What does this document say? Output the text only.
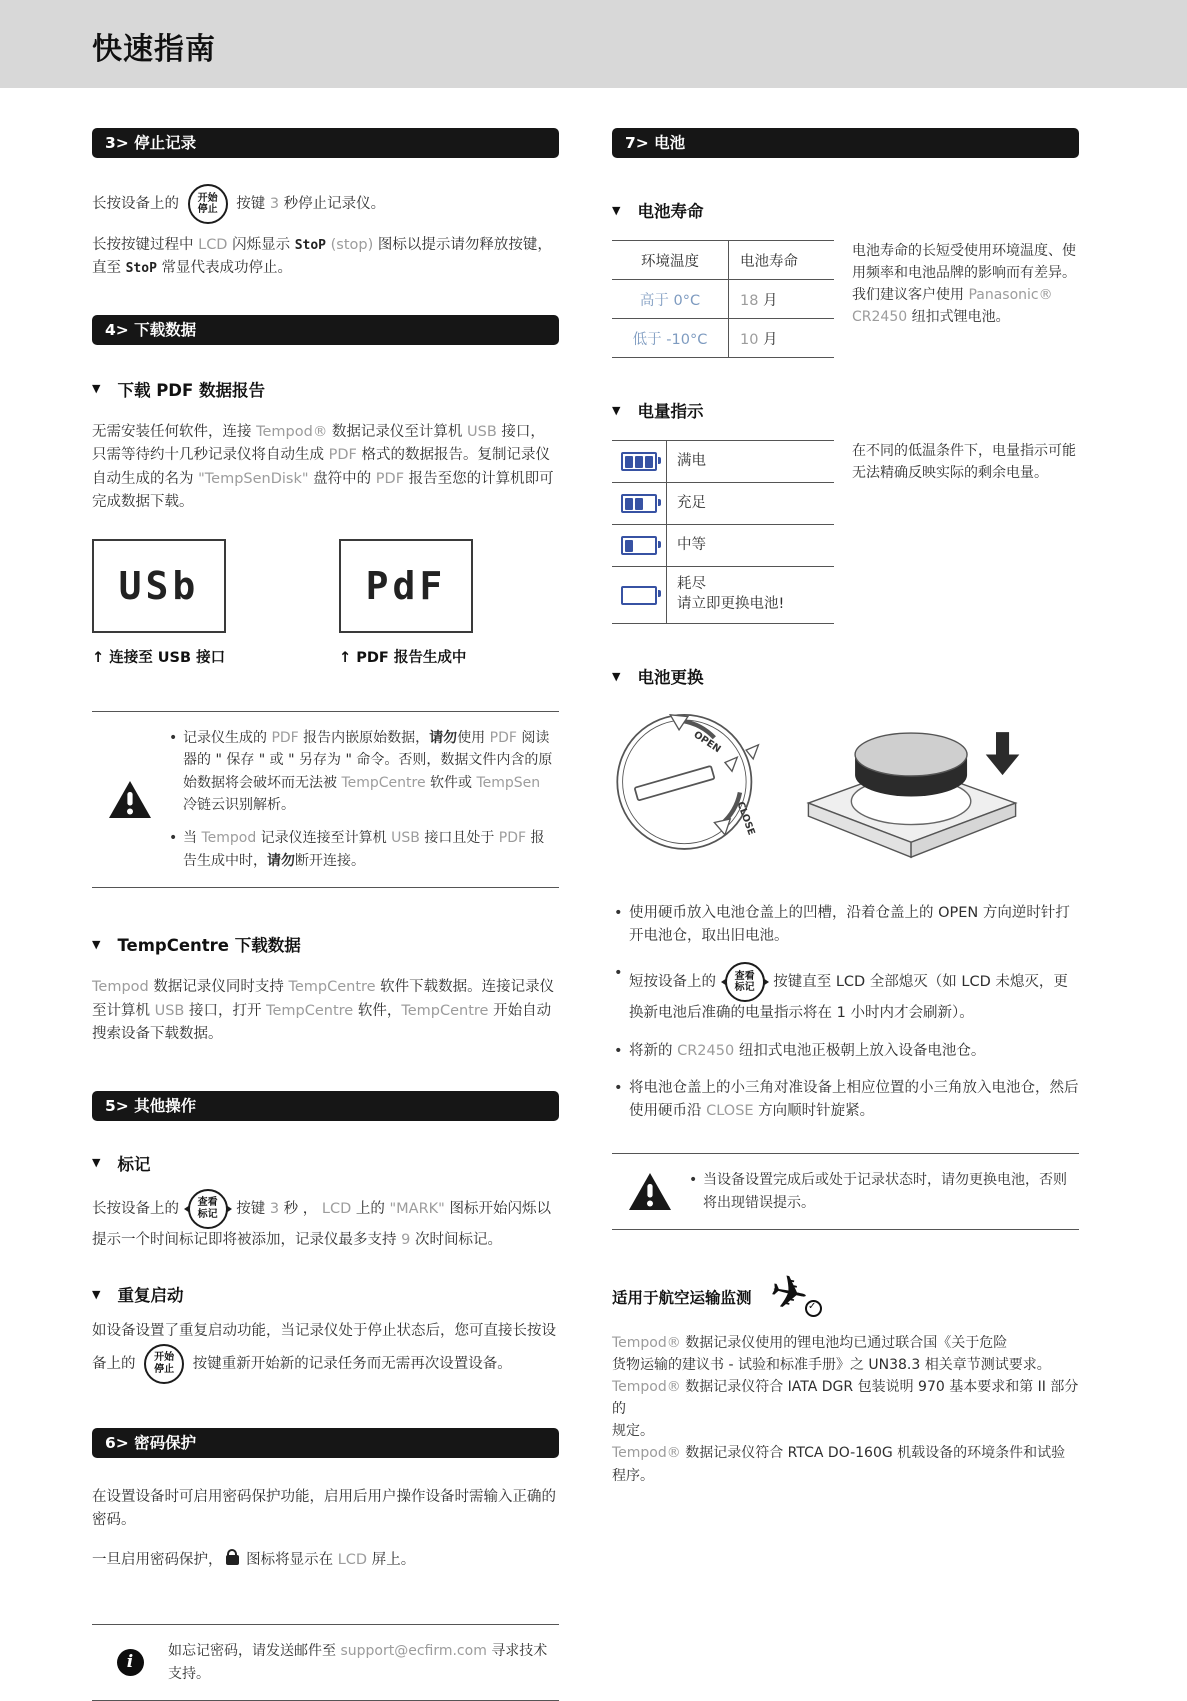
快速指南
3> 停止记录

长按设备上的 开始
停止 按键 3 秒停止记录仪。

长按按键过程中 LCD 闪烁显示 StoP (stop) 图标以提示请勿释放按键，直至 StoP 常显代表成功停止。

4> 下载数据
▼ 下载 PDF 数据报告

无需安装任何软件，连接 Tempod® 数据记录仪至计算机 USB 接口，只需等待约十几秒记录仪将自动生成 PDF 格式的数据报告。复制记录仪自动生成的名为 "TempSenDisk" 盘符中的 PDF 报告至您的计算机即可完成数据下载。

USb
↑ 连接至 USB 接口
PdF
↑ PDF 报告生成中
• 记录仪生成的 PDF 报告内嵌原始数据，请勿使用 PDF 阅读器的 " 保存 " 或 " 另存为 " 命令。否则，数据文件内含的原始数据将会破坏而无法被 TempCentre 软件或 TempSen 冷链云识别解析。
• 当 Tempod 记录仪连接至计算机 USB 接口且处于 PDF 报告生成中时，请勿断开连接。
▼ TempCentre 下载数据

Tempod 数据记录仪同时支持 TempCentre 软件下载数据。连接记录仪至计算机 USB 接口，打开 TempCentre 软件，TempCentre 开始自动搜索设备下载数据。

5> 其他操作
▼ 标记

长按设备上的 查看
标记 按键 3 秒 ， LCD 上的 "MARK" 图标开始闪烁以提示一个时间标记即将被添加，记录仪最多支持 9 次时间标记。

▼ 重复启动

如设备设置了重复启动功能，当记录仪处于停止状态后，您可直接长按设备上的 开始
停止 按键重新开始新的记录任务而无需再次设置设备。

6> 密码保护

在设置设备时可启用密码保护功能，启用后用户操作设备时需输入正确的密码。

一旦启用密码保护， 图标将显示在 LCD 屏上。

i
如忘记密码，请发送邮件至 support@ecfirm.com 寻求技术支持。
7> 电池
▼ 电池寿命
环境温度	电池寿命
高于 0°C	18 月
低于 -10°C	10 月
电池寿命的长短受使用环境温度、使用频率和电池品牌的影响而有差异。我们建议客户使用 Panasonic® CR2450 纽扣式锂电池。
▼ 电量指示
	满电

	充足

	中等

	耗尽
请立即更换电池!
在不同的低温条件下，电量指示可能无法精确反映实际的剩余电量。
▼ 电池更换
OPEN
CLOSE
• 使用硬币放入电池仓盖上的凹槽，沿着仓盖上的 OPEN 方向逆时针打开电池仓，取出旧电池。
• 短按设备上的 查看
标记 按键直至 LCD 全部熄灭（如 LCD 未熄灭，更换新电池后准确的电量指示将在 1 小时内才会刷新）。
• 将新的 CR2450 纽扣式电池正极朝上放入设备电池仓。
• 将电池仓盖上的小三角对准设备上相应位置的小三角放入电池仓，然后使用硬币沿 CLOSE 方向顺时针旋紧。
• 当设备设置完成后或处于记录状态时，请勿更换电池，否则将出现错误提示。
适用于航空运输监测
✈
✓

Tempod® 数据记录仪使用的锂电池均已通过联合国《关于危险
货物运输的建议书 - 试验和标准手册》之 UN38.3 相关章节测试要求。
Tempod® 数据记录仪符合 IATA DGR 包装说明 970 基本要求和第 II 部分的
规定。
Tempod® 数据记录仪符合 RTCA DO-160G 机载设备的环境条件和试验程序。
